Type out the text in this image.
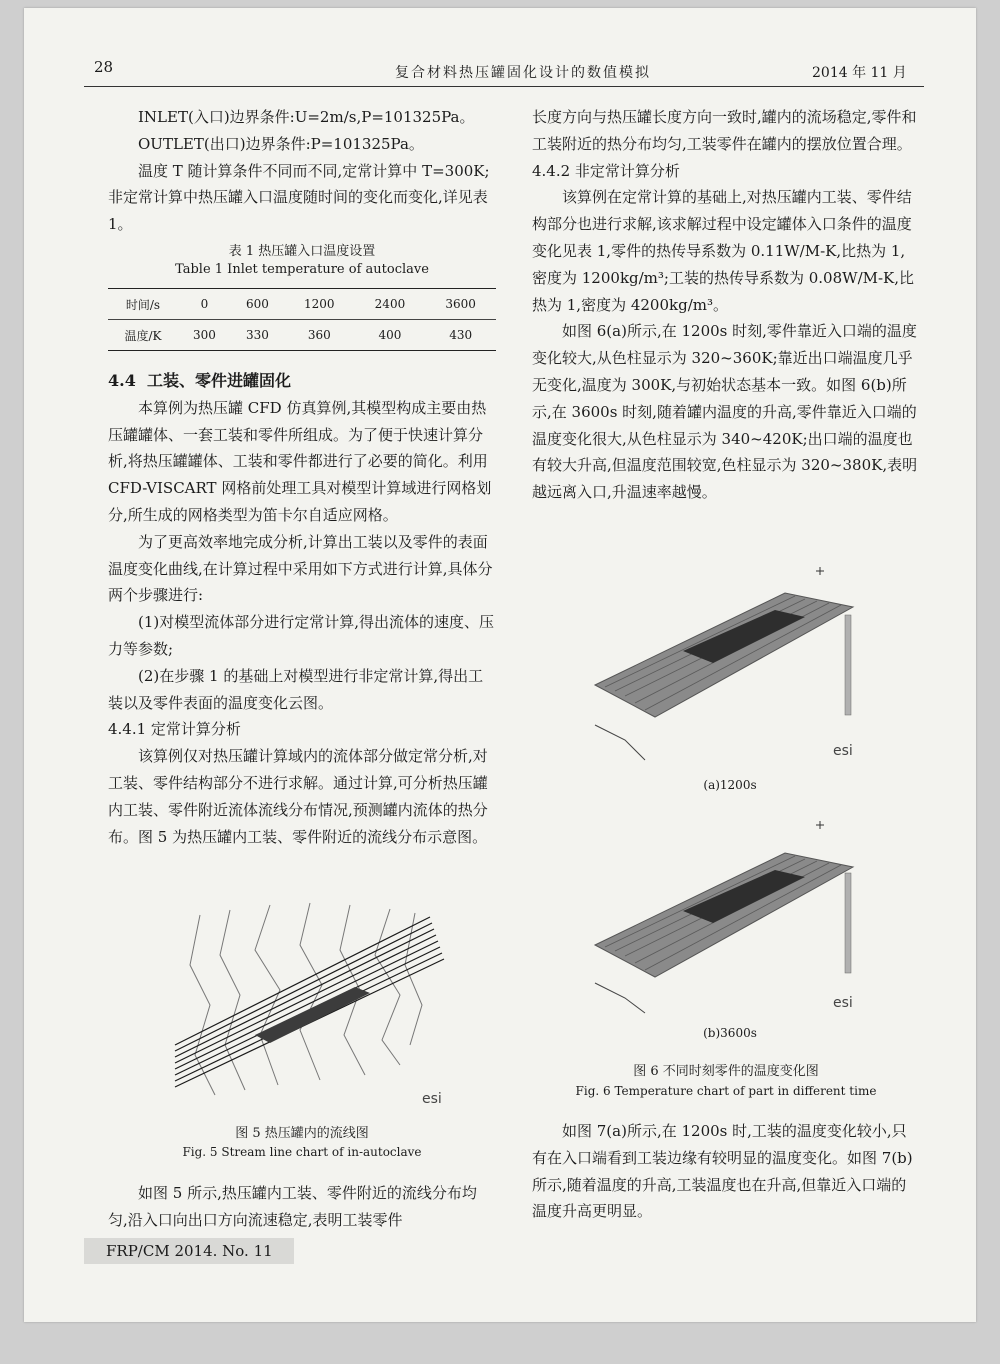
28	复合材料热压罐固化设计的数值模拟	2014 年 11 月

INLET(入口)边界条件:U=2m/s,P=101325Pa。

OUTLET(出口)边界条件:P=101325Pa。

温度 T 随计算条件不同而不同,定常计算中 T=300K;非定常计算中热压罐入口温度随时间的变化而变化,详见表 1。

表 1 热压罐入口温度设置
Table 1 Inlet temperature of autoclave
时间/s	0	600	1200	2400	3600
温度/K	300	330	360	400	430

4.4 工装、零件进罐固化

本算例为热压罐 CFD 仿真算例,其模型构成主要由热压罐罐体、一套工装和零件所组成。为了便于快速计算分析,将热压罐罐体、工装和零件都进行了必要的简化。利用 CFD-VISCART 网格前处理工具对模型计算域进行网格划分,所生成的网格类型为笛卡尔自适应网格。

为了更高效率地完成分析,计算出工装以及零件的表面温度变化曲线,在计算过程中采用如下方式进行计算,具体分两个步骤进行:

(1)对模型流体部分进行定常计算,得出流体的速度、压力等参数;

(2)在步骤 1 的基础上对模型进行非定常计算,得出工装以及零件表面的温度变化云图。

4.4.1 定常计算分析

该算例仅对热压罐计算域内的流体部分做定常分析,对工装、零件结构部分不进行求解。通过计算,可分析热压罐内工装、零件附近流体流线分布情况,预测罐内流体的热分布。图 5 为热压罐内工装、零件附近的流线分布示意图。

esi
图 5 热压罐内的流线图
Fig. 5 Stream line chart of in-autoclave

如图 5 所示,热压罐内工装、零件附近的流线分布均匀,沿入口向出口方向流速稳定,表明工装零件

长度方向与热压罐长度方向一致时,罐内的流场稳定,零件和工装附近的热分布均匀,工装零件在罐内的摆放位置合理。

4.4.2 非定常计算分析

该算例在定常计算的基础上,对热压罐内工装、零件结构部分也进行求解,该求解过程中设定罐体入口条件的温度变化见表 1,零件的热传导系数为 0.11W/M-K,比热为 1,密度为 1200kg/m³;工装的热传导系数为 0.08W/M-K,比热为 1,密度为 4200kg/m³。

如图 6(a)所示,在 1200s 时刻,零件靠近入口端的温度变化较大,从色柱显示为 320~360K;靠近出口端温度几乎无变化,温度为 300K,与初始状态基本一致。如图 6(b)所示,在 3600s 时刻,随着罐内温度的升高,零件靠近入口端的温度变化很大,从色柱显示为 340~420K;出口端的温度也有较大升高,但温度范围较宽,色柱显示为 320~380K,表明越远离入口,升温速率越慢。

esi
(a)1200s
esi
(b)3600s
图 6 不同时刻零件的温度变化图
Fig. 6 Temperature chart of part in different time

如图 7(a)所示,在 1200s 时,工装的温度变化较小,只有在入口端看到工装边缘有较明显的温度变化。如图 7(b)所示,随着温度的升高,工装温度也在升高,但靠近入口端的温度升高更明显。

FRP/CM 2014. No. 11
